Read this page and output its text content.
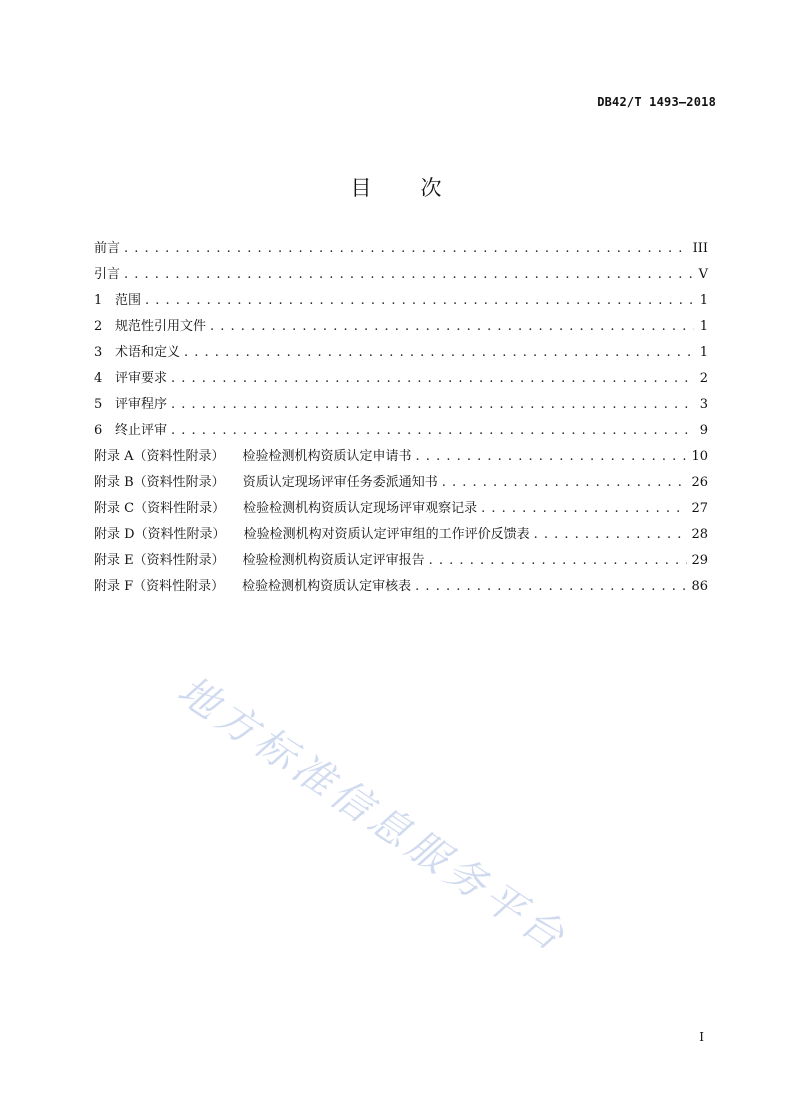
DB42/T 1493—2018
目　次
前言 . . .	III
引言 . . .	V
1 范围 . . .	1
2 规范性引用文件 . . .	1
3 术语和定义 . . .	1
4 评审要求 . . .	2
5 评审程序 . . .	3
6 终止评审 . . .	9
附录 A（资料性附录） 检验检测机构资质认定申请书 . . .	10
附录 B（资料性附录） 资质认定现场评审任务委派通知书 . . .	26
附录 C（资料性附录） 检验检测机构资质认定现场评审观察记录 . . .	27
附录 D（资料性附录） 检验检测机构对资质认定评审组的工作评价反馈表 . . .	28
附录 E（资料性附录） 检验检测机构资质认定评审报告 . . .	29
附录 F（资料性附录） 检验检测机构资质认定审核表 . . .	86
地方标准信息服务平台
I
